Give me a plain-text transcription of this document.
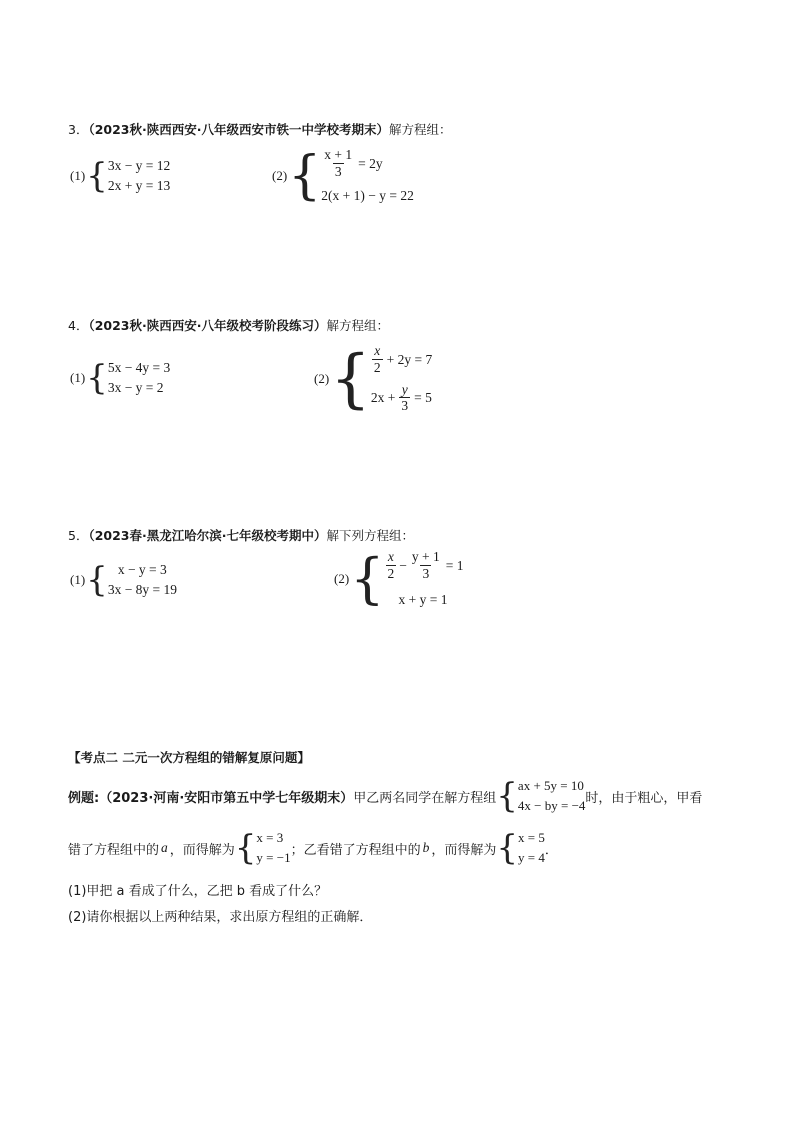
3．（2023秋·陕西西安·八年级西安市铁一中学校考期末）解方程组：
(1) { 3x − y = 12
2x + y = 13
(2) { $\frac{x + 1}{3} = 2y$
2(x + 1) − y = 22
4．（2023秋·陕西西安·八年级校考阶段练习）解方程组：
(1) { 5x − 4y = 3
3x − y = 2
(2) { $\frac{x}{2} + 2y = 7$
$2x + \frac{y}{3} = 5$
5．（2023春·黑龙江哈尔滨·七年级校考期中）解下列方程组：
(1) { x − y = 3
3x − 8y = 19
(2) { $\frac{x}{2} - \frac{y + 1}{3} = 1$
x + y = 1
【考点二 二元一次方程组的错解复原问题】
例题: （2023·河南·安阳市第五中学七年级期末） 甲乙两名同学在解方程组 { ax + 5y = 10
4x − by = −4 时，由于粗心，甲看
错了方程组中的 a ，而得解为 { x = 3
y = −1 ；乙看错了方程组中的 b ，而得解为 { x = 5
y = 4 ．
(1)甲把 a 看成了什么，乙把 b 看成了什么？
(2)请你根据以上两种结果，求出原方程组的正确解．
